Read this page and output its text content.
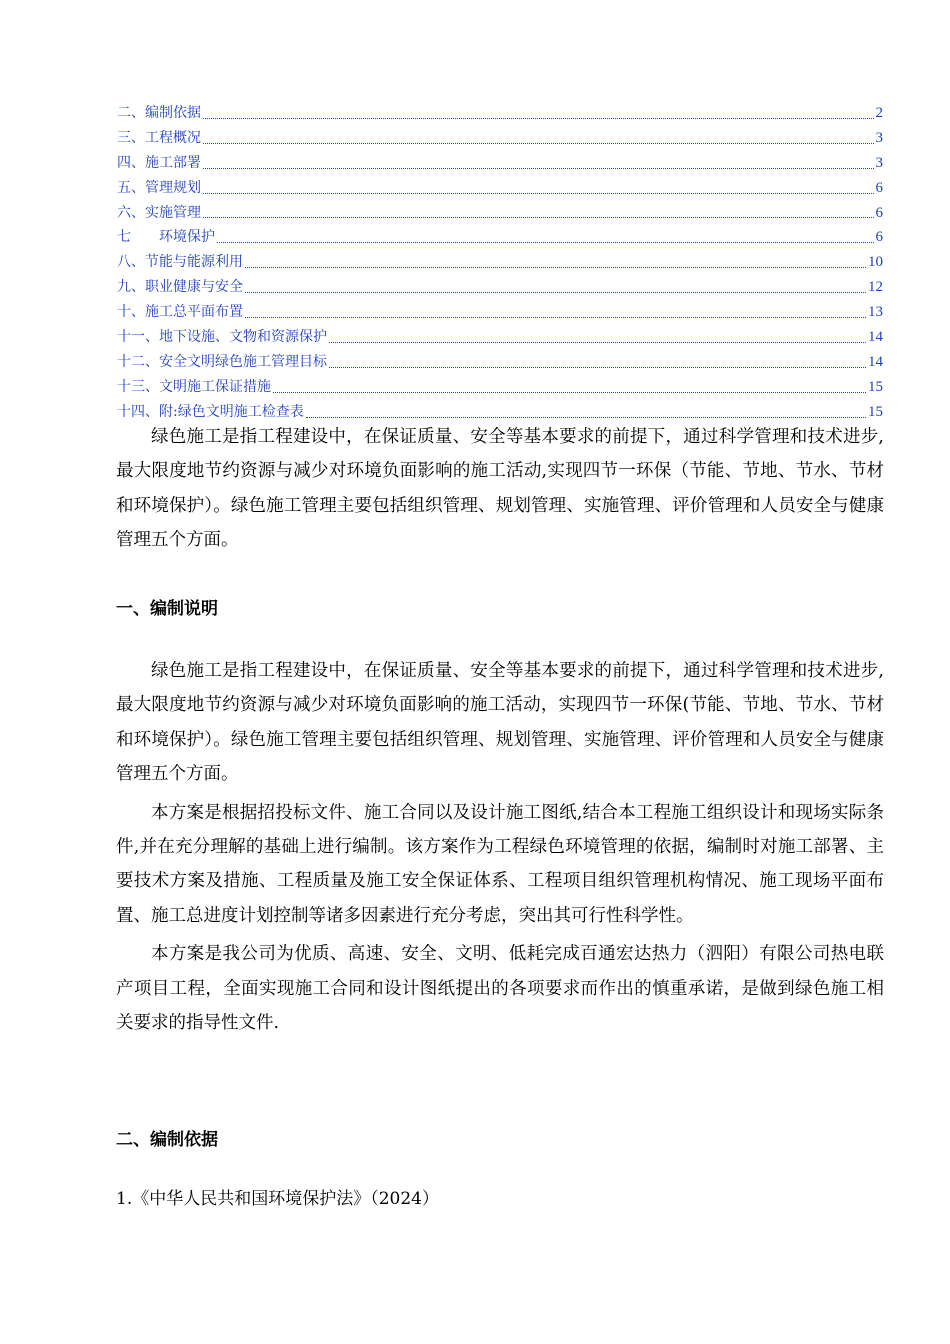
二、编制依据	2
三、工程概况	3
四、施工部署	3
五、管理规划	6
六、实施管理	6
七　　环境保护	6
八、节能与能源利用	10
九、职业健康与安全	12
十、施工总平面布置	13
十一、地下设施、文物和资源保护	14
十二、安全文明绿色施工管理目标	14
十三、文明施工保证措施	15
十四、附:绿色文明施工检查表	15

绿色施工是指工程建设中，在保证质量、安全等基本要求的前提下，通过科学管理和技术进步,最大限度地节约资源与减少对环境负面影响的施工活动,实现四节一环保（节能、节地、节水、节材和环境保护）。绿色施工管理主要包括组织管理、规划管理、实施管理、评价管理和人员安全与健康管理五个方面。

一、编制说明

绿色施工是指工程建设中，在保证质量、安全等基本要求的前提下，通过科学管理和技术进步,最大限度地节约资源与减少对环境负面影响的施工活动，实现四节一环保(节能、节地、节水、节材和环境保护）。绿色施工管理主要包括组织管理、规划管理、实施管理、评价管理和人员安全与健康管理五个方面。

本方案是根据招投标文件、施工合同以及设计施工图纸,结合本工程施工组织设计和现场实际条件,并在充分理解的基础上进行编制。该方案作为工程绿色环境管理的依据，编制时对施工部署、主要技术方案及措施、工程质量及施工安全保证体系、工程项目组织管理机构情况、施工现场平面布置、施工总进度计划控制等诸多因素进行充分考虑，突出其可行性科学性。

本方案是我公司为优质、高速、安全、文明、低耗完成百通宏达热力（泗阳）有限公司热电联产项目工程，全面实现施工合同和设计图纸提出的各项要求而作出的慎重承诺，是做到绿色施工相关要求的指导性文件.

二、编制依据

1.《中华人民共和国环境保护法》（2024）
